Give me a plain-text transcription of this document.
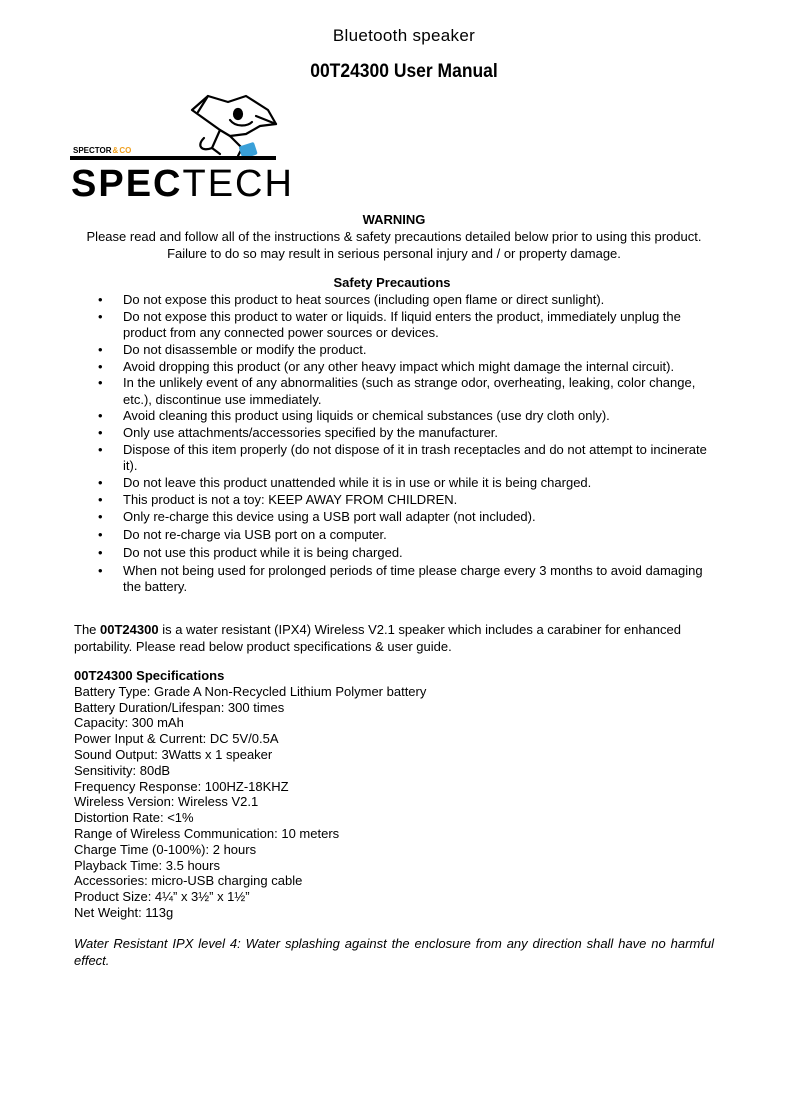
Bluetooth speaker
00T24300 User Manual
SPECTOR&CO
SPECTECH
WARNING
Please read and follow all of the instructions & safety precautions detailed below prior to using this product. Failure to do so may result in serious personal injury and / or property damage.
Safety Precautions
• Do not expose this product to heat sources (including open flame or direct sunlight).
• Do not expose this product to water or liquids. If liquid enters the product, immediately unplug the product from any connected power sources or devices.
• Do not disassemble or modify the product.
• Avoid dropping this product (or any other heavy impact which might damage the internal circuit).
• In the unlikely event of any abnormalities (such as strange odor, overheating, leaking, color change, etc.), discontinue use immediately.
• Avoid cleaning this product using liquids or chemical substances (use dry cloth only).
• Only use attachments/accessories specified by the manufacturer.
• Dispose of this item properly (do not dispose of it in trash receptacles and do not attempt to incinerate it).
• Do not leave this product unattended while it is in use or while it is being charged.
• This product is not a toy: KEEP AWAY FROM CHILDREN.
• Only re-charge this device using a USB port wall adapter (not included).
• Do not re-charge via USB port on a computer.
• Do not use this product while it is being charged.
• When not being used for prolonged periods of time please charge every 3 months to avoid damaging the battery.
The 00T24300 is a water resistant (IPX4) Wireless V2.1 speaker which includes a carabiner for enhanced portability. Please read below product specifications & user guide.
00T24300 Specifications
Battery Type: Grade A Non-Recycled Lithium Polymer battery
Battery Duration/Lifespan: 300 times
Capacity: 300 mAh
Power Input & Current: DC 5V/0.5A
Sound Output: 3Watts x 1 speaker
Sensitivity: 80dB
Frequency Response: 100HZ-18KHZ
Wireless Version: Wireless V2.1
Distortion Rate: <1%
Range of Wireless Communication: 10 meters
Charge Time (0-100%): 2 hours
Playback Time: 3.5 hours
Accessories: micro-USB charging cable
Product Size: 4¼” x 3½” x 1½”
Net Weight: 113g
Water Resistant IPX level 4: Water splashing against the enclosure from any direction shall have no harmful effect.
